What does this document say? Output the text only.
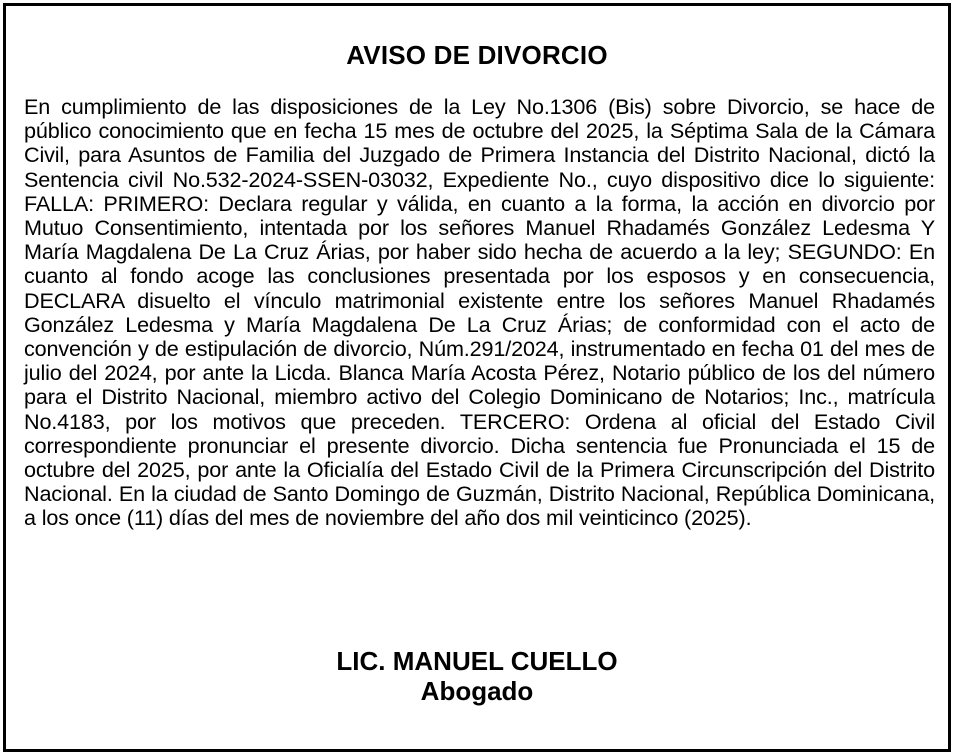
AVISO DE DIVORCIO

En cumplimiento de las disposiciones de la Ley No.1306 (Bis) sobre Divorcio, se hace de público conocimiento que en fecha 15 mes de octubre del 2025, la Séptima Sala de la Cámara Civil, para Asuntos de Familia del Juzgado de Primera Instancia del Distrito Nacional, dictó la Sentencia civil No.532-2024-SSEN-03032, Expediente No., cuyo dispositivo dice lo siguiente: FALLA: PRIMERO: Declara regular y válida, en cuanto a la forma, la acción en divorcio por Mutuo Consentimiento, intentada por los señores Manuel Rhadamés González Ledesma Y María Magdalena De La Cruz Árias, por haber sido hecha de acuerdo a la ley; SEGUNDO: En cuanto al fondo acoge las conclusiones presentada por los esposos y en consecuencia, DECLARA disuelto el vínculo matrimonial existente entre los señores Manuel Rhadamés González Ledesma y María Magdalena De La Cruz Árias; de conformidad con el acto de convención y de estipulación de divorcio, Núm.291/2024, instrumentado en fecha 01 del mes de julio del 2024, por ante la Licda. Blanca María Acosta Pérez, Notario público de los del número para el Distrito Nacional, miembro activo del Colegio Dominicano de Notarios; Inc., matrícula No.4183, por los motivos que preceden. TERCERO: Ordena al oficial del Estado Civil correspondiente pronunciar el presente divorcio. Dicha sentencia fue Pronunciada el 15 de octubre del 2025, por ante la Oficialía del Estado Civil de la Primera Circunscripción del Distrito Nacional. En la ciudad de Santo Domingo de Guzmán, Distrito Nacional, República Dominicana, a los once (11) días del mes de noviembre del año dos mil veinticinco (2025).

LIC. MANUEL CUELLO
Abogado
